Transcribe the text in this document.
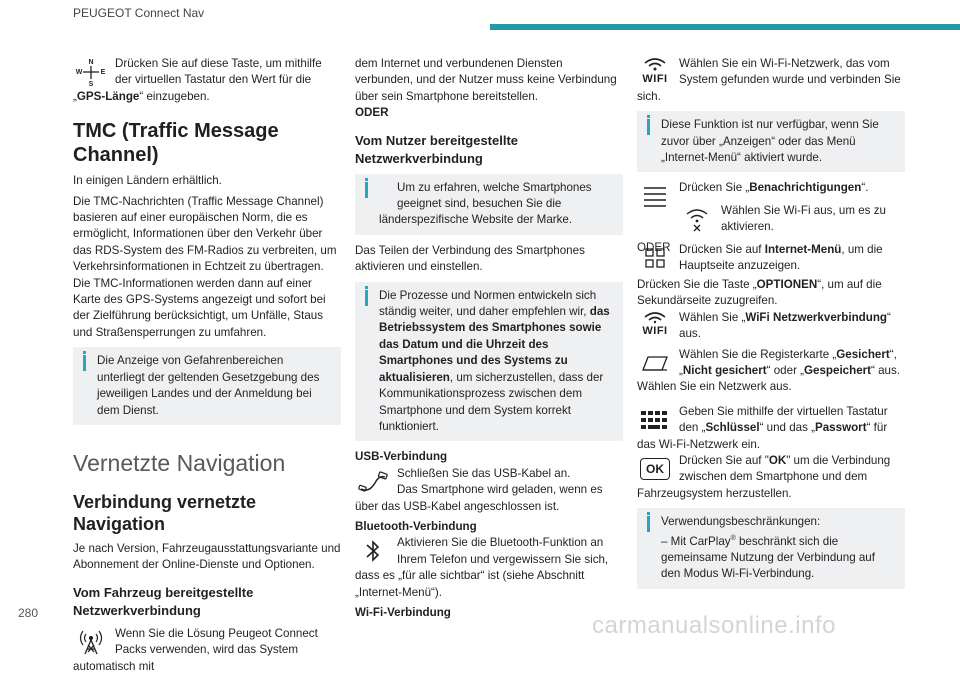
PEUGEOT Connect Nav
N
W	E
S

Drücken Sie auf diese Taste, um mithilfe der virtuellen Tastatur den Wert für die „GPS-Länge“ einzugeben.

TMC (Traffic Message Channel)

In einigen Ländern erhältlich.

Die TMC-Nachrichten (Traffic Message Channel) basieren auf einer europäischen Norm, die es ermöglicht, Informationen über den Verkehr über das RDS-System des FM-Radios zu verbreiten, um Verkehrsinformationen in Echtzeit zu übertragen.

Die TMC-Informationen werden dann auf einer Karte des GPS-Systems angezeigt und sofort bei der Zielführung berücksichtigt, um Unfälle, Staus und Straßensperrungen zu umfahren.

Die Anzeige von Gefahrenbereichen unterliegt der geltenden Gesetzgebung des jeweiligen Landes und der Anmeldung bei dem Dienst.
Vernetzte Navigation
Verbindung vernetzte Navigation

Je nach Version, Fahrzeugausstattungsvariante und Abonnement der Online-Dienste und Optionen.

Vom Fahrzeug bereitgestellte Netzwerkverbindung

Wenn Sie die Lösung Peugeot Connect Packs verwenden, wird das System automatisch mit

dem Internet und verbundenen Diensten verbunden, und der Nutzer muss keine Verbindung über sein Smartphone bereitstellen.

ODER

Vom Nutzer bereitgestellte Netzwerkverbindung
Um zu erfahren, welche Smartphones geeignet sind, besuchen Sie die länderspezifische Website der Marke.

Das Teilen der Verbindung des Smartphones aktivieren und einstellen.

Die Prozesse und Normen entwickeln sich ständig weiter, und daher empfehlen wir, das Betriebssystem des Smartphones sowie das Datum und die Uhrzeit des Smartphones und des Systems zu aktualisieren, um sicherzustellen, dass der Kommunikationsprozess zwischen dem Smartphone und dem System korrekt funktioniert.
USB-Verbindung

Schließen Sie das USB-Kabel an.

Das Smartphone wird geladen, wenn es über das USB-Kabel angeschlossen ist.

Bluetooth-Verbindung

Aktivieren Sie die Bluetooth-Funktion an Ihrem Telefon und vergewissern Sie sich, dass es „für alle sichtbar“ ist (siehe Abschnitt „Internet-Menü“).

Wi-Fi-Verbindung
WIFI

Wählen Sie ein Wi-Fi-Netzwerk, das vom System gefunden wurde und verbinden Sie sich.

Diese Funktion ist nur verfügbar, wenn Sie zuvor über „Anzeigen“ oder das Menü „Internet-Menü“ aktiviert wurde.

Drücken Sie „Benachrichtigungen“.

Wählen Sie Wi-Fi aus, um es zu aktivieren.

ODER Drücken Sie auf Internet-Menü, um die Hauptseite anzuzeigen.

Drücken Sie die Taste „OPTIONEN“, um auf die Sekundärseite zuzugreifen.

WIFI

Wählen Sie „WiFi Netzwerkverbindung“ aus.

Wählen Sie die Registerkarte „Gesichert“, „Nicht gesichert“ oder „Gespeichert“ aus.

Wählen Sie ein Netzwerk aus.

Geben Sie mithilfe der virtuellen Tastatur den „Schlüssel“ und das „Passwort“ für das Wi-Fi-Netzwerk ein.

OK

Drücken Sie auf "OK" um die Verbindung zwischen dem Smartphone und dem Fahrzeugsystem herzustellen.

Verwendungsbeschränkungen:
– Mit CarPlay® beschränkt sich die gemeinsame Nutzung der Verbindung auf den Modus Wi-Fi-Verbindung.
280	carmanualsonline.info
